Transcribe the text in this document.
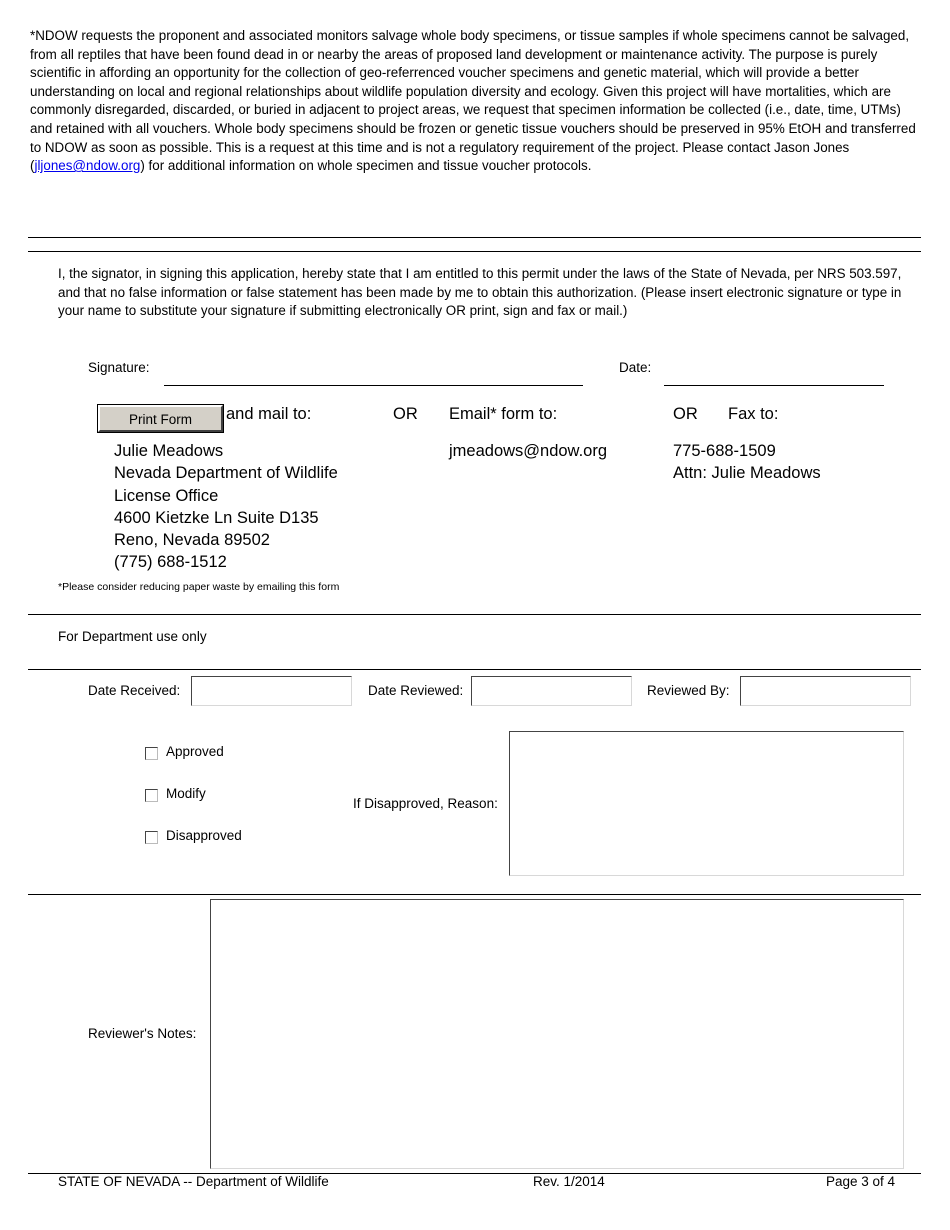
*NDOW requests the proponent and associated monitors salvage whole body specimens, or tissue samples if whole specimens cannot be salvaged, from all reptiles that have been found dead in or nearby the areas of proposed land development or maintenance activity. The purpose is purely scientific in affording an opportunity for the collection of geo-referrenced voucher specimens and genetic material, which will provide a better understanding on local and regional relationships about wildlife population diversity and ecology. Given this project will have mortalities, which are commonly disregarded, discarded, or buried in adjacent to project areas, we request that specimen information be collected (i.e., date, time, UTMs) and retained with all vouchers. Whole body specimens should be frozen or genetic tissue vouchers should be preserved in 95% EtOH and transferred to NDOW as soon as possible. This is a request at this time and is not a regulatory requirement of the project. Please contact Jason Jones (jljones@ndow.org) for additional information on whole specimen and tissue voucher protocols.
I, the signator, in signing this application, hereby state that I am entitled to this permit under the laws of the State of Nevada, per NRS 503.597, and that no false information or false statement has been made by me to obtain this authorization. (Please insert electronic signature or type in your name to substitute your signature if submitting electronically OR print, sign and fax or mail.)
Signature:	Date:
Print Form	and mail to:	OR Email* form to:	OR Fax to:
Julie Meadows
Nevada Department of Wildlife
License Office
4600 Kietzke Ln Suite D135
Reno, Nevada 89502
(775) 688-1512
jmeadows@ndow.org	775-688-1509
Attn: Julie Meadows
*Please consider reducing paper waste by emailing this form
For Department use only
Date Received:	Date Reviewed:	Reviewed By:
Approved
Modify
Disapproved
If Disapproved, Reason:
Reviewer's Notes:
STATE OF NEVADA -- Department of Wildlife	Rev. 1/2014	Page 3 of 4
